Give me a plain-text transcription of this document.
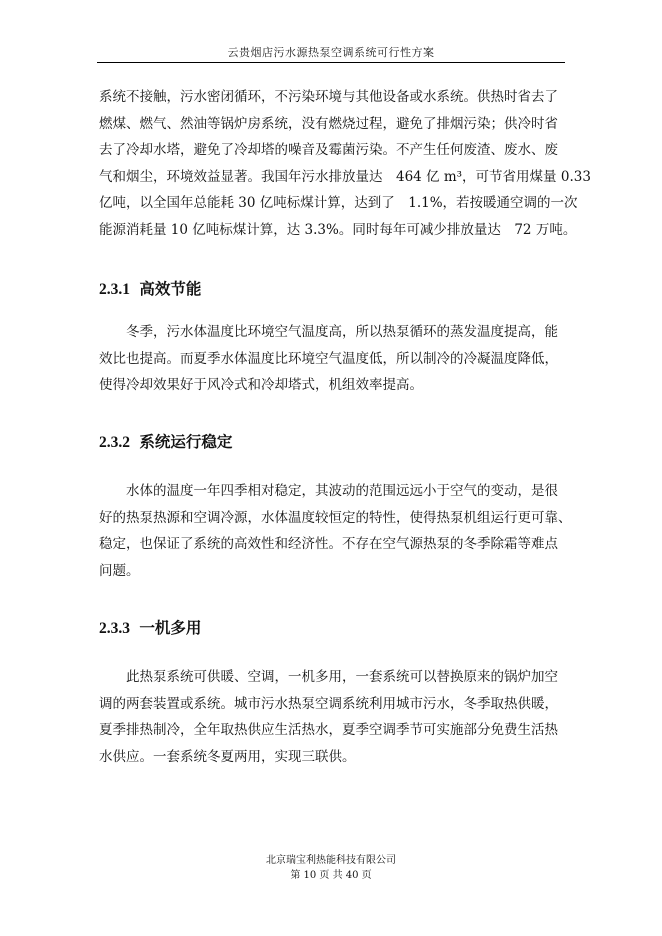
云贵烟店污水源热泵空调系统可行性方案
系统不接触，污水密闭循环，不污染环境与其他设备或水系统。供热时省去了
燃煤、燃气、然油等锅炉房系统，没有燃烧过程，避免了排烟污染；供冷时省
去了冷却水塔，避免了冷却塔的噪音及霉菌污染。不产生任何废渣、废水、废
气和烟尘，环境效益显著。我国年污水排放量达　464 亿 m³，可节省用煤量 0.33
亿吨，以全国年总能耗 30 亿吨标煤计算，达到了　1.1%，若按暖通空调的一次
能源消耗量 10 亿吨标煤计算，达 3.3%。同时每年可减少排放量达　72 万吨。
2.3.1 高效节能
　　冬季，污水体温度比环境空气温度高，所以热泵循环的蒸发温度提高，能
效比也提高。而夏季水体温度比环境空气温度低，所以制冷的冷凝温度降低，
使得冷却效果好于风冷式和冷却塔式，机组效率提高。
2.3.2 系统运行稳定
　　水体的温度一年四季相对稳定，其波动的范围远远小于空气的变动，是很
好的热泵热源和空调冷源，水体温度较恒定的特性，使得热泵机组运行更可靠、
稳定，也保证了系统的高效性和经济性。不存在空气源热泵的冬季除霜等难点
问题。
2.3.3 一机多用
　　此热泵系统可供暖、空调，一机多用，一套系统可以替换原来的锅炉加空
调的两套装置或系统。城市污水热泵空调系统利用城市污水，冬季取热供暖，
夏季排热制冷，全年取热供应生活热水，夏季空调季节可实施部分免费生活热
水供应。一套系统冬夏两用，实现三联供。
北京瑞宝利热能科技有限公司
第 10 页 共 40 页
